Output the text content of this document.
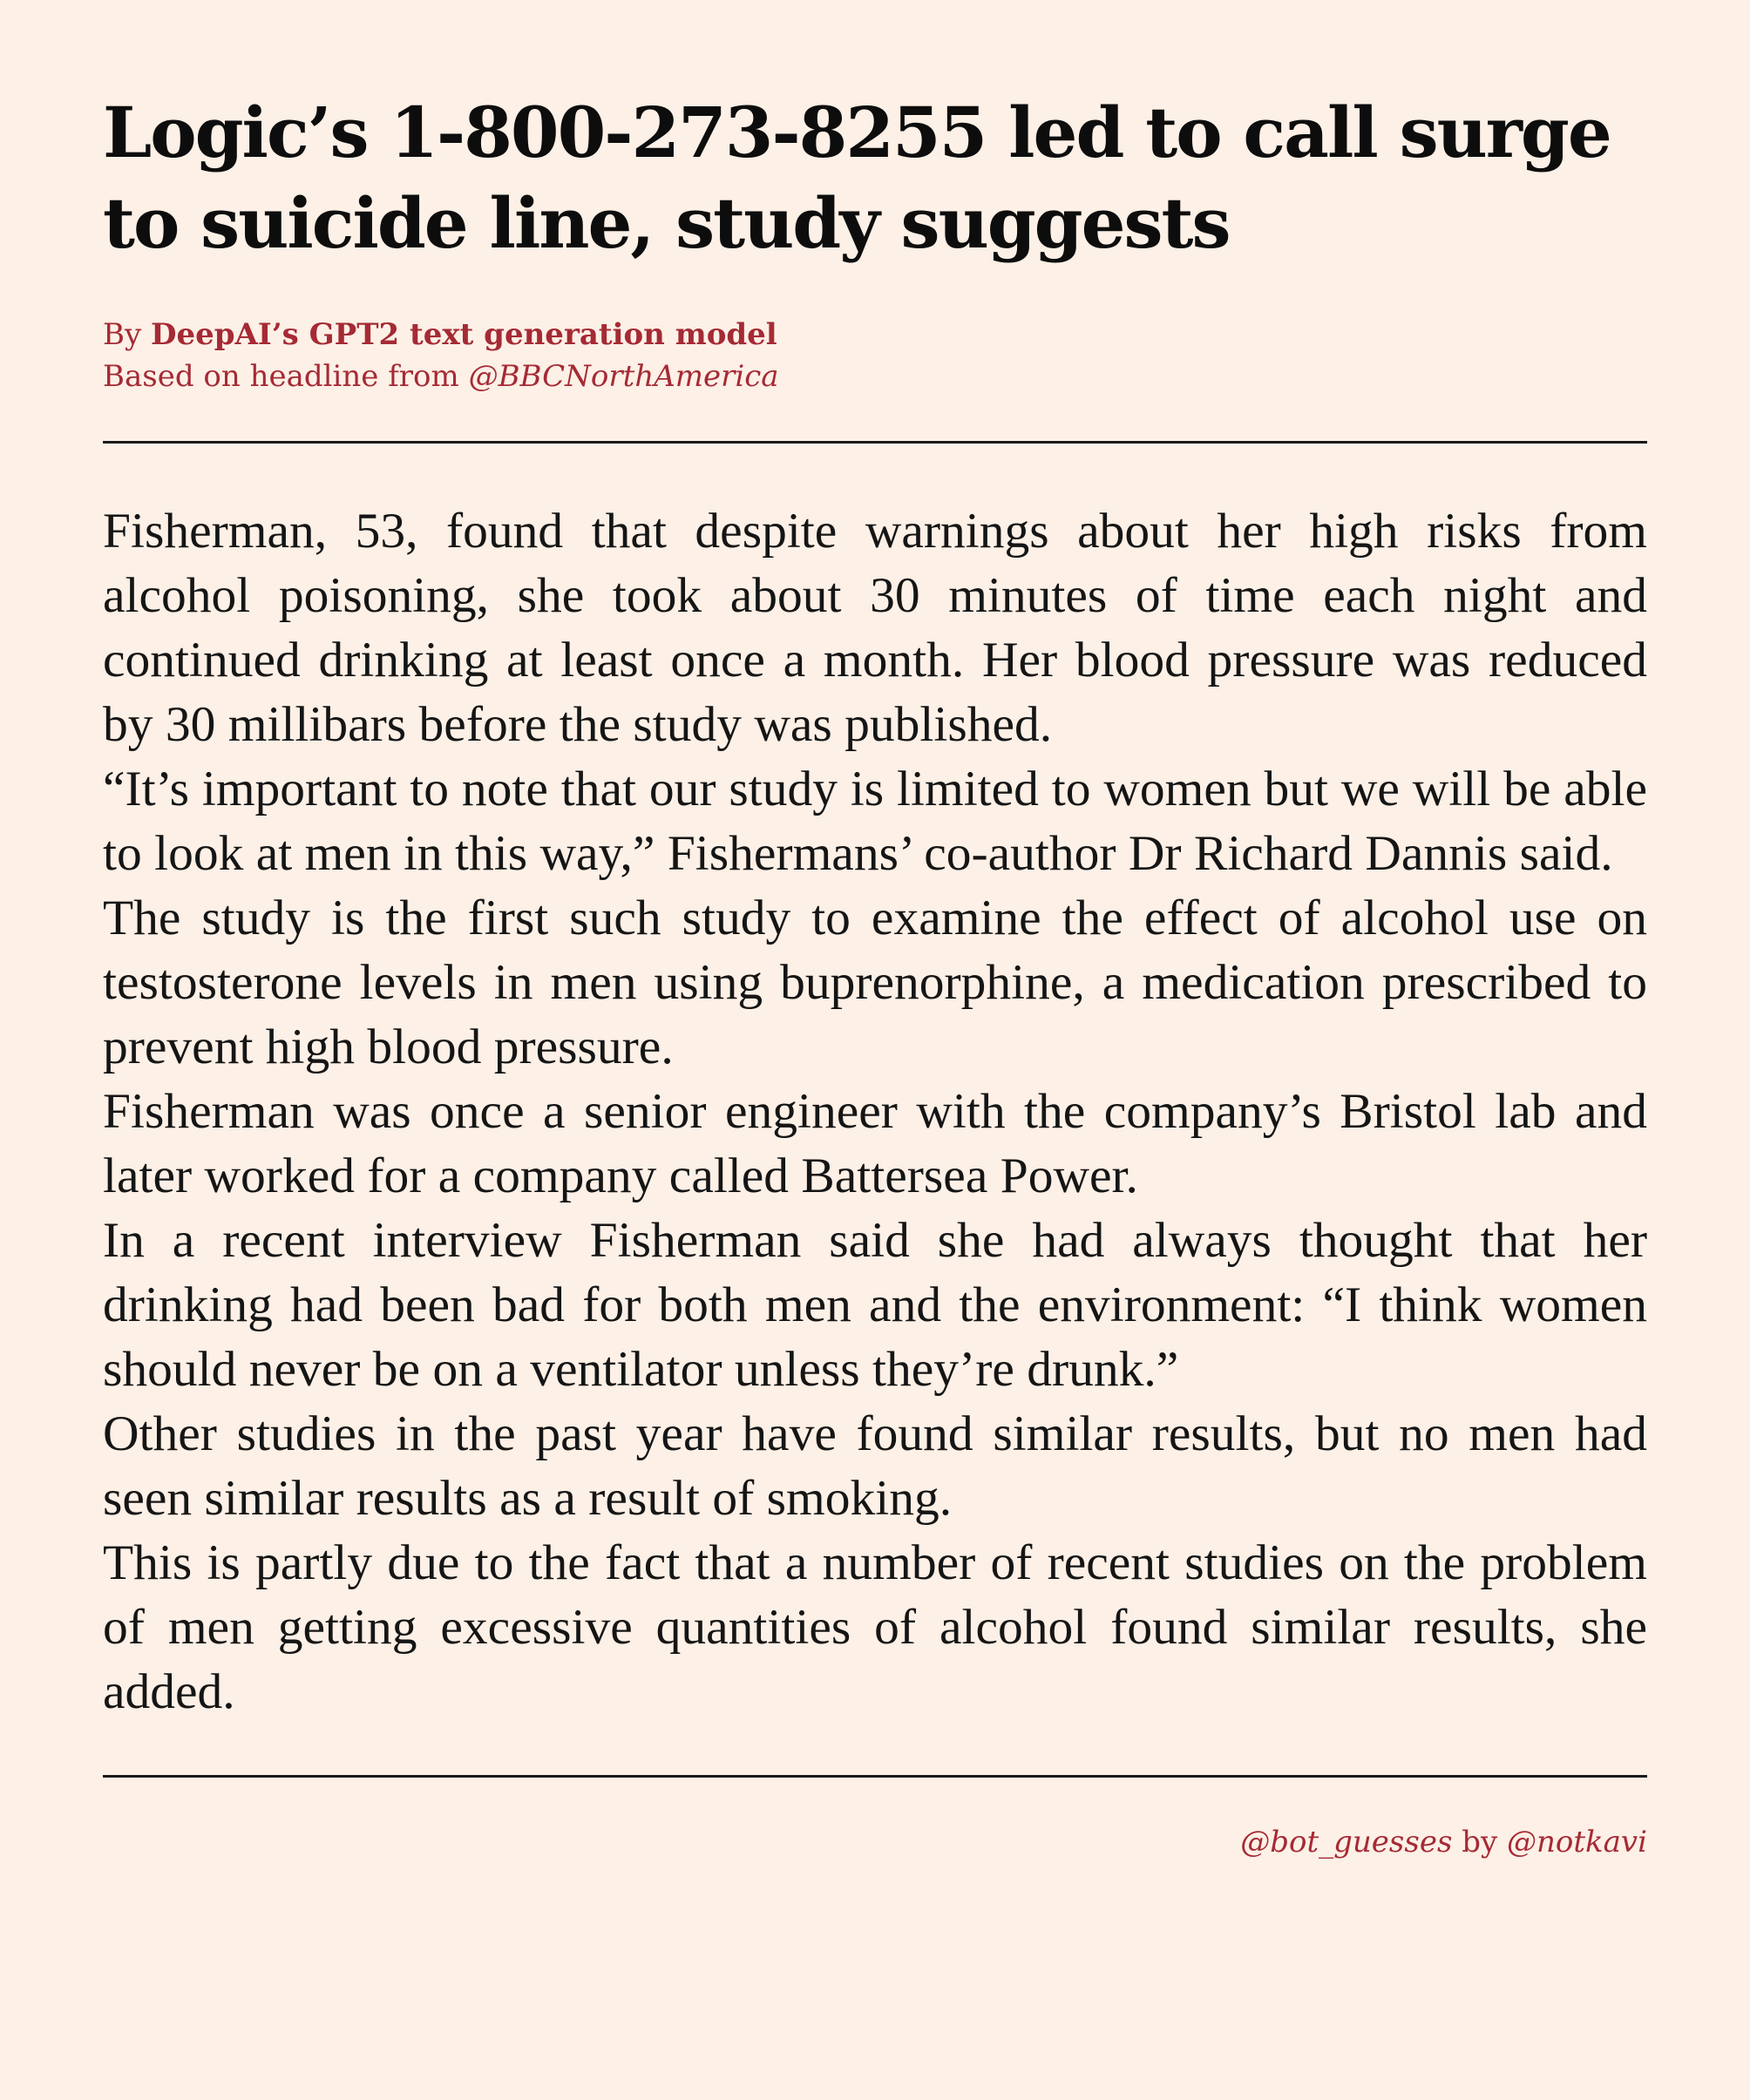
Logic’s 1-800-273-8255 led to call surge to suicide line, study suggests
By DeepAI’s GPT2 text generation model
Based on headline from @BBCNorthAmerica

Fisherman, 53, found that despite warnings about her high risks from alcohol poisoning, she took about 30 minutes of time each night and continued drinking at least once a month. Her blood pressure was reduced by 30 millibars before the study was published.

“It’s important to note that our study is limited to women but we will be able to look at men in this way,” Fishermans’ co-author Dr Richard Dannis said.

The study is the first such study to examine the effect of alcohol use on testosterone levels in men using buprenorphine, a medication prescribed to prevent high blood pressure.

Fisherman was once a senior engineer with the company’s Bristol lab and later worked for a company called Battersea Power.

In a recent interview Fisherman said she had always thought that her drinking had been bad for both men and the environment: “I think women should never be on a ventilator unless they’re drunk.”

Other studies in the past year have found similar results, but no men had seen similar results as a result of smoking.

This is partly due to the fact that a number of recent studies on the problem of men getting excessive quantities of alcohol found similar results, she added.

@bot_guesses by @notkavi
